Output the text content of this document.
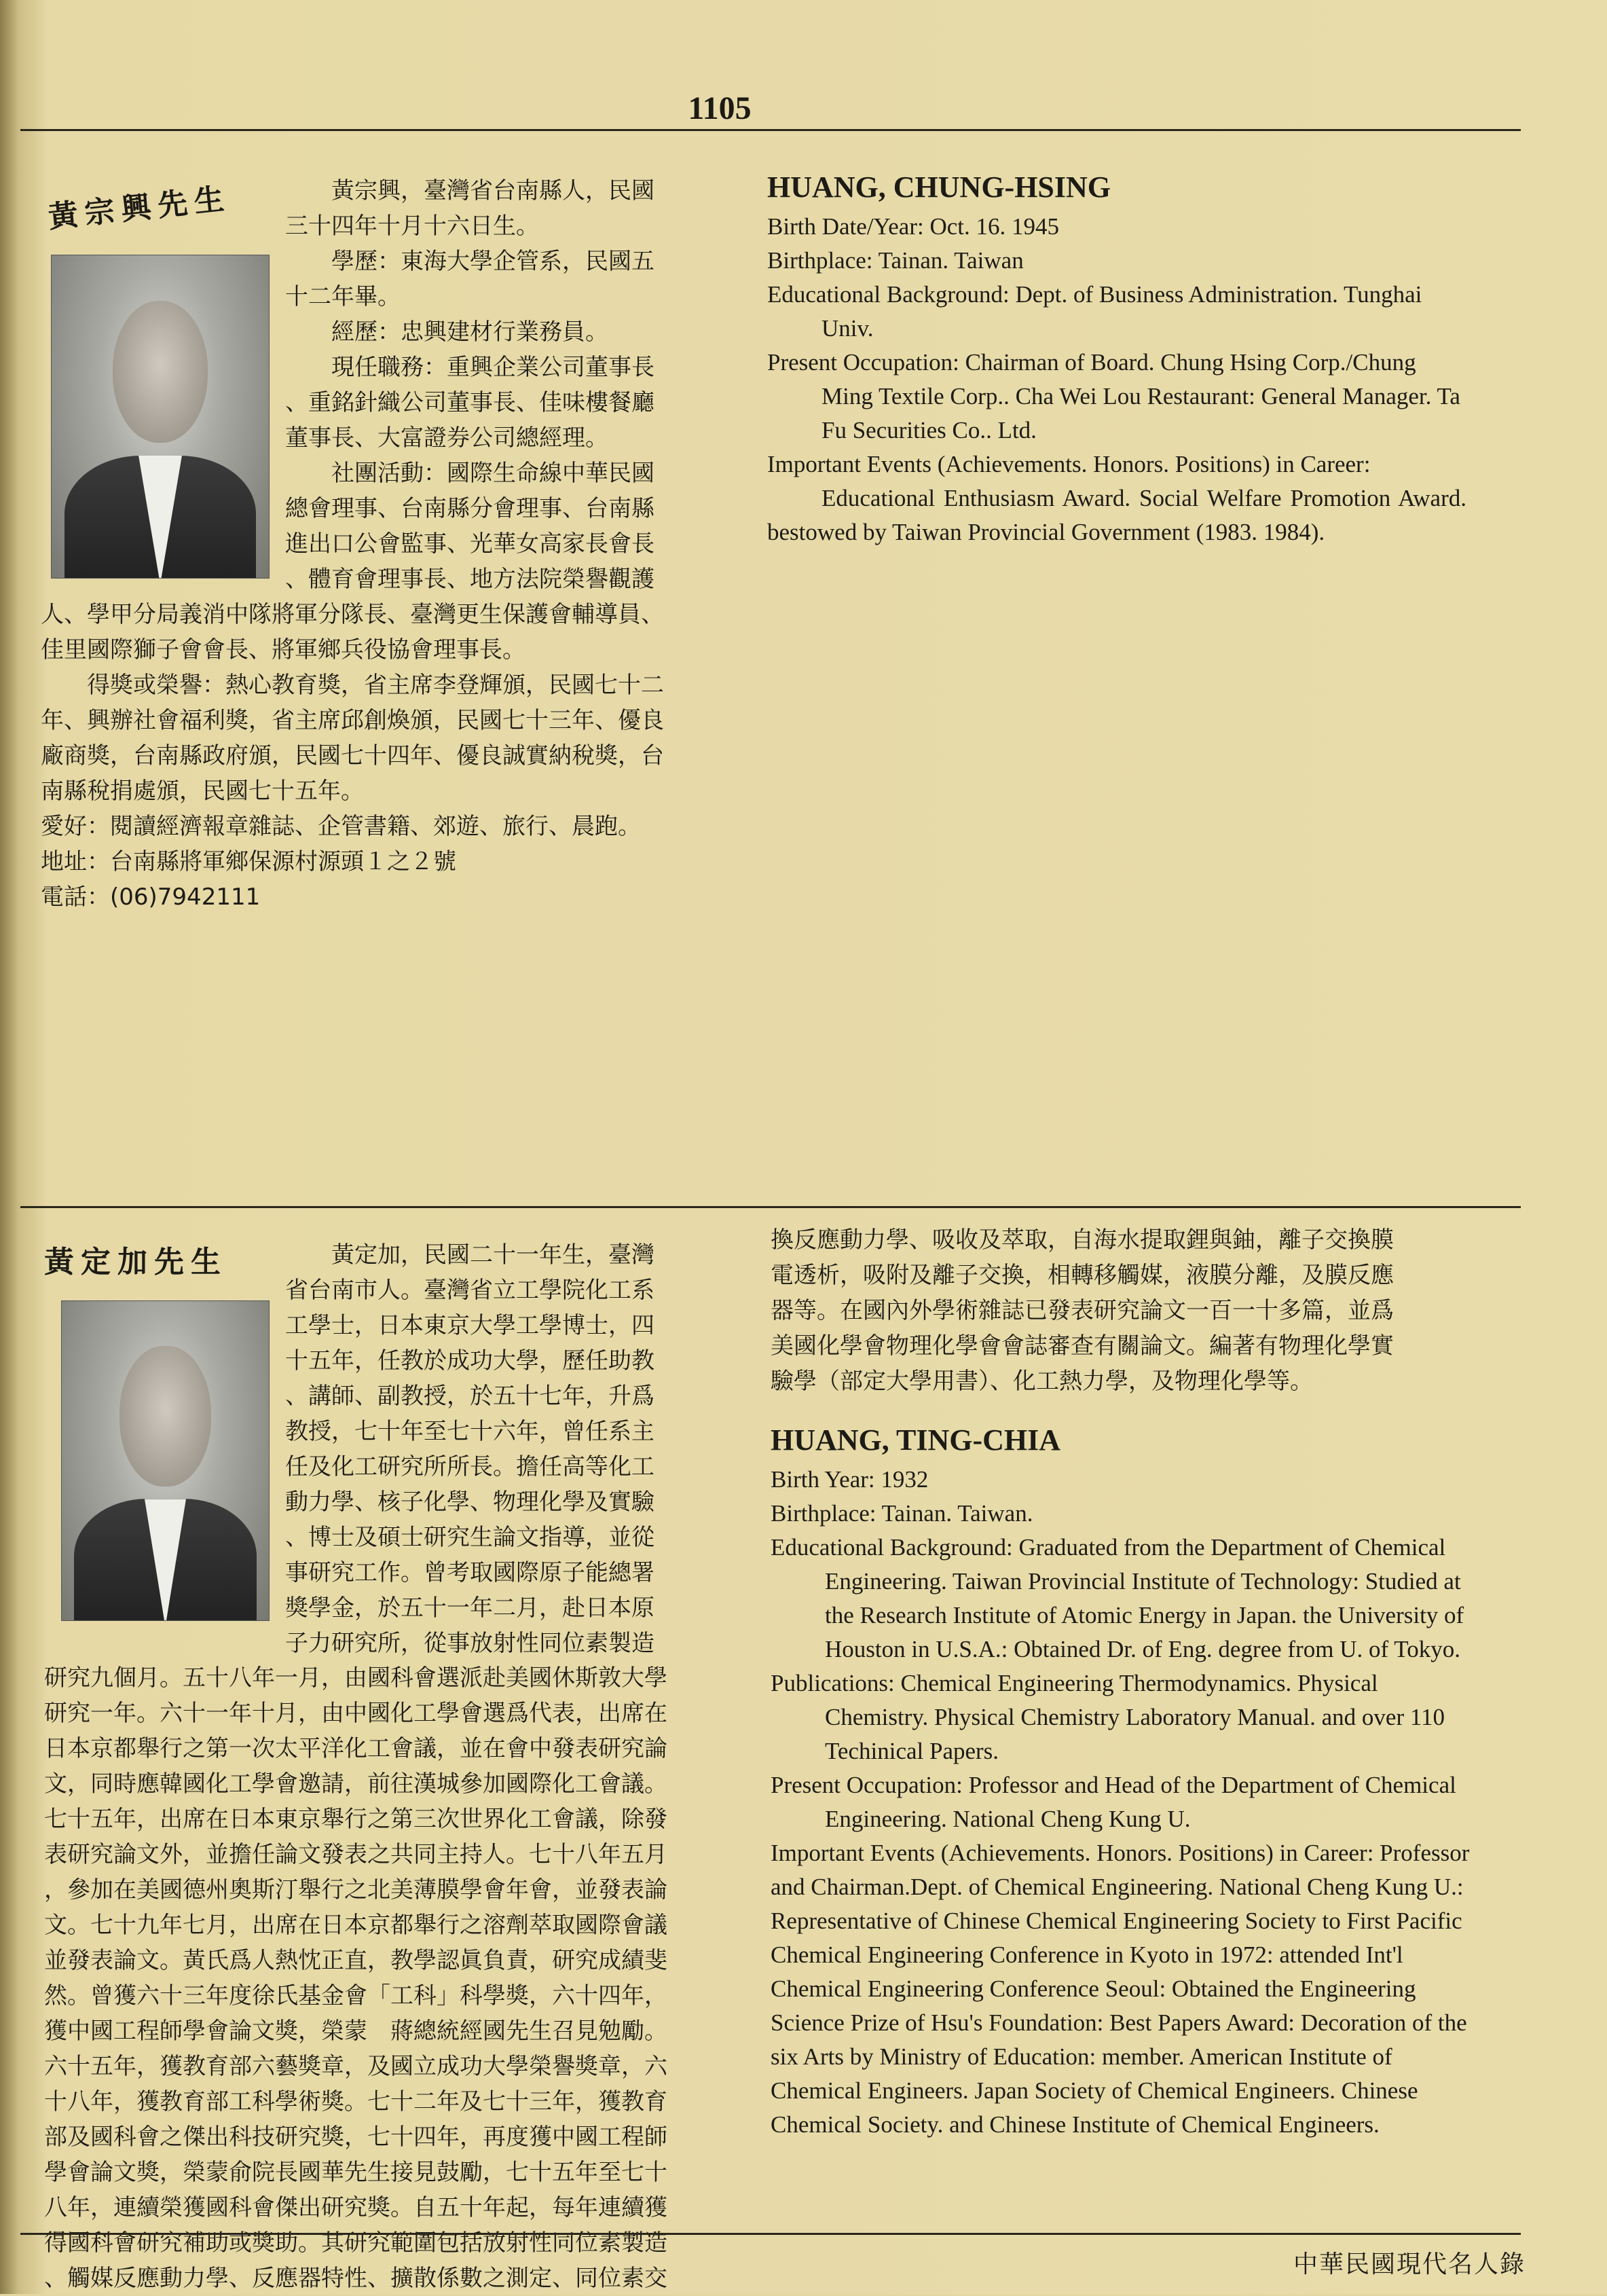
1105
黃宗興先生	黃宗興，臺灣省台南縣人，民國

三十四年十月十六日生。

學歷：東海大學企管系，民國五

十二年畢。

經歷：忠興建材行業務員。

現任職務：重興企業公司董事長

、重銘針織公司董事長、佳味樓餐廳

董事長、大富證券公司總經理。

社團活動：國際生命線中華民國

總會理事、台南縣分會理事、台南縣

進出口公會監事、光華女高家長會長

、體育會理事長、地方法院榮譽觀護

人、學甲分局義消中隊將軍分隊長、臺灣更生保護會輔導員、

佳里國際獅子會會長、將軍鄉兵役協會理事長。

得獎或榮譽：熱心教育獎，省主席李登輝頒，民國七十二

年、興辦社會福利獎，省主席邱創煥頒，民國七十三年、優良

廠商獎，台南縣政府頒，民國七十四年、優良誠實納稅獎，台

南縣稅捐處頒，民國七十五年。

愛好：閱讀經濟報章雜誌、企管書籍、郊遊、旅行、晨跑。

地址：台南縣將軍鄉保源村源頭１之２號

電話：(06)7942111

HUANG, CHUNG-HSING

Birth Date/Year: Oct. 16. 1945

Birthplace: Tainan. Taiwan

Educational Background: Dept. of Business Administration. Tunghai Univ.

Present Occupation: Chairman of Board. Chung Hsing Corp./Chung Ming Textile Corp.. Cha Wei Lou Restaurant: General Manager. Ta Fu Securities Co.. Ltd.

Important Events (Achievements. Honors. Positions) in Career:

Educational Enthusiasm Award. Social Welfare Promotion Award. bestowed by Taiwan Provincial Government (1983. 1984).

黃定加先生	黃定加，民國二十一年生，臺灣

省台南市人。臺灣省立工學院化工系

工學士，日本東京大學工學博士，四

十五年，任教於成功大學，歷任助教

、講師、副教授，於五十七年，升爲

教授，七十年至七十六年，曾任系主

任及化工研究所所長。擔任高等化工

動力學、核子化學、物理化學及實驗

、博士及碩士研究生論文指導，並從

事研究工作。曾考取國際原子能總署

獎學金，於五十一年二月，赴日本原

子力研究所，從事放射性同位素製造

研究九個月。五十八年一月，由國科會選派赴美國休斯敦大學

研究一年。六十一年十月，由中國化工學會選爲代表，出席在

日本京都舉行之第一次太平洋化工會議，並在會中發表研究論

文，同時應韓國化工學會邀請，前往漢城參加國際化工會議。

七十五年，出席在日本東京舉行之第三次世界化工會議，除發

表研究論文外，並擔任論文發表之共同主持人。七十八年五月

，參加在美國德州奧斯汀舉行之北美薄膜學會年會，並發表論

文。七十九年七月，出席在日本京都舉行之溶劑萃取國際會議

並發表論文。黃氏爲人熱忱正直，教學認眞負責，研究成績斐

然。曾獲六十三年度徐氏基金會「工科」科學獎，六十四年，

獲中國工程師學會論文獎，榮蒙　蔣總統經國先生召見勉勵。

六十五年，獲教育部六藝獎章，及國立成功大學榮譽獎章，六

十八年，獲教育部工科學術獎。七十二年及七十三年，獲教育

部及國科會之傑出科技研究獎，七十四年，再度獲中國工程師

學會論文獎，榮蒙俞院長國華先生接見鼓勵，七十五年至七十

八年，連續榮獲國科會傑出研究獎。自五十年起，每年連續獲

得國科會研究補助或獎助。其研究範圍包括放射性同位素製造

、觸媒反應動力學、反應器特性、擴散係數之測定、同位素交

換反應動力學、吸收及萃取，自海水提取鋰與鈾，離子交換膜

電透析，吸附及離子交換，相轉移觸媒，液膜分離，及膜反應

器等。在國內外學術雜誌已發表研究論文一百一十多篇，並爲

美國化學會物理化學會會誌審查有關論文。編著有物理化學實

驗學（部定大學用書）、化工熱力學，及物理化學等。

HUANG, TING-CHIA

Birth Year: 1932

Birthplace: Tainan. Taiwan.

Educational Background: Graduated from the Department of Chemical Engineering. Taiwan Provincial Institute of Technology: Studied at the Research Institute of Atomic Energy in Japan. the University of Houston in U.S.A.: Obtained Dr. of Eng. degree from U. of Tokyo.

Publications: Chemical Engineering Thermodynamics. Physical Chemistry. Physical Chemistry Laboratory Manual. and over 110 Techinical Papers.

Present Occupation: Professor and Head of the Department of Chemical Engineering. National Cheng Kung U.

Important Events (Achievements. Honors. Positions) in Career: Professor and Chairman.Dept. of Chemical Engineering. National Cheng Kung U.: Representative of Chinese Chemical Engineering Society to First Pacific Chemical Engineering Conference in Kyoto in 1972: attended Int'l Chemical Engineering Conference Seoul: Obtained the Engineering Science Prize of Hsu's Foundation: Best Papers Award: Decoration of the six Arts by Ministry of Education: member. American Institute of Chemical Engineers. Japan Society of Chemical Engineers. Chinese Chemical Society. and Chinese Institute of Chemical Engineers.

中華民國現代名人錄
